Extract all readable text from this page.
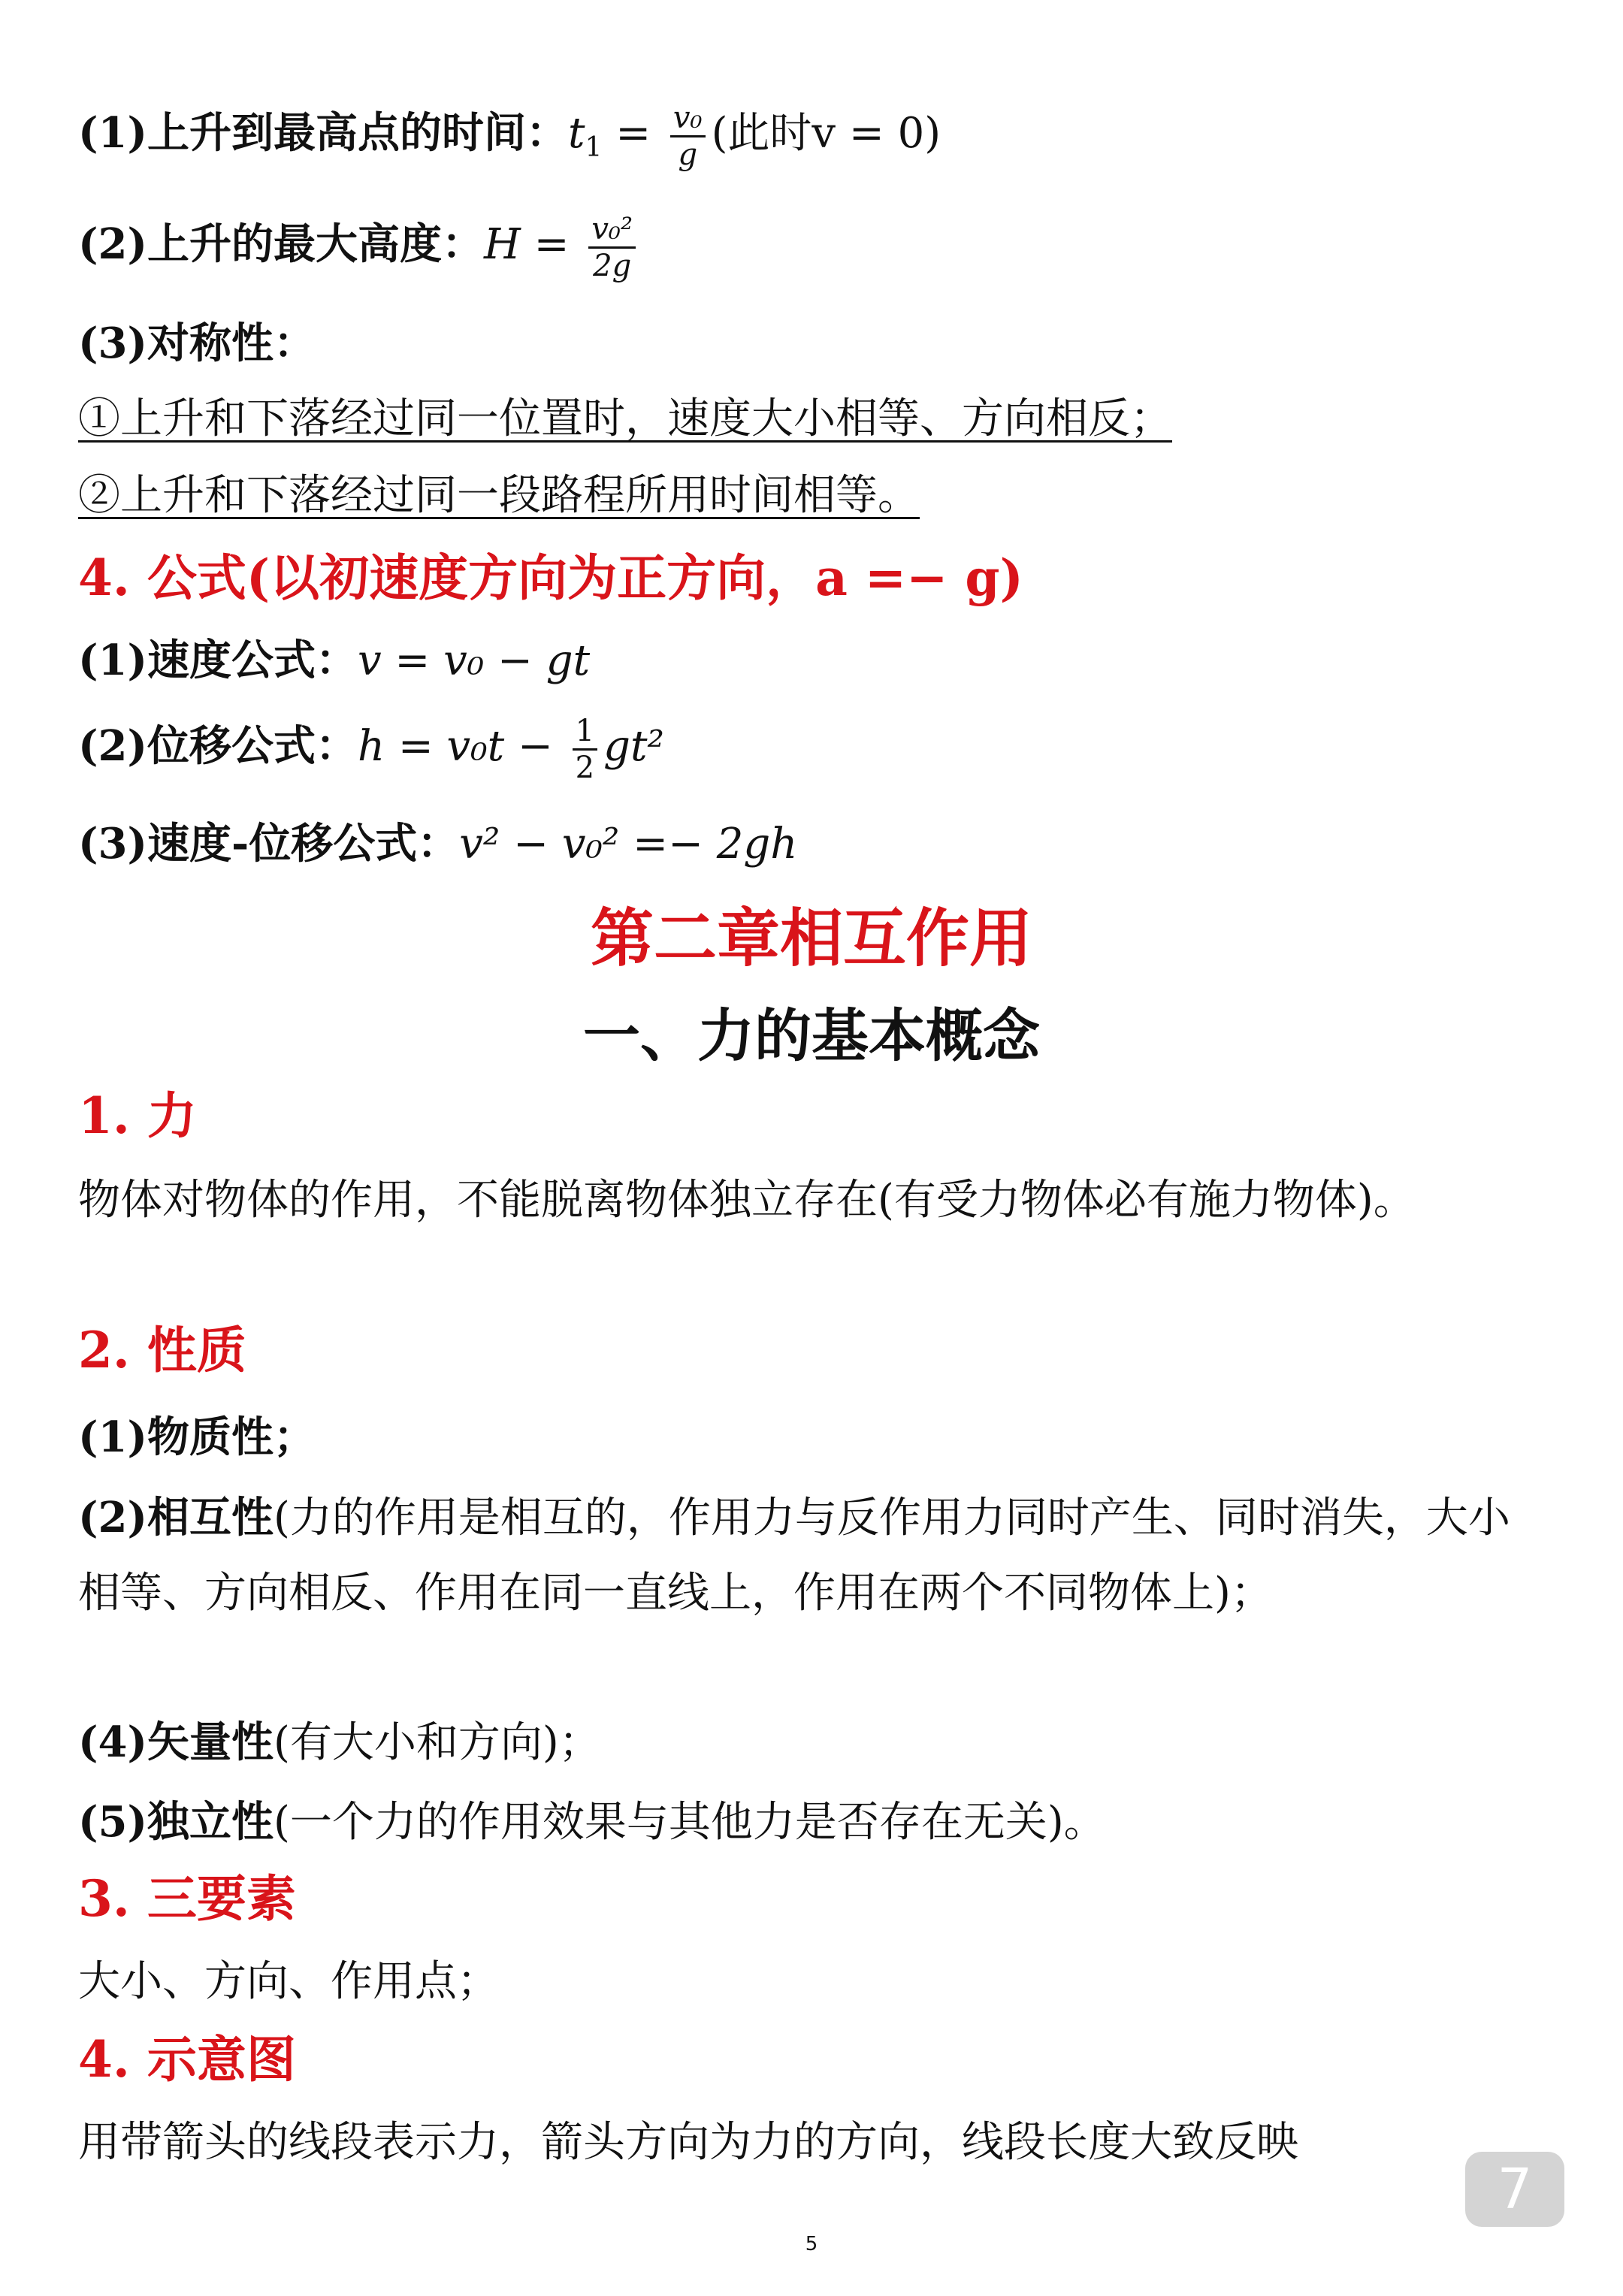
(1)上升到最高点的时间：$t_1 = \frac{\text{v₀}}{g}$ (此时v = 0)
(2)上升的最大高度：$H = \frac{\text{v₀²}}{2g}$
(3)对称性：
①上升和下落经过同一位置时，速度大小相等、方向相反；
②上升和下落经过同一段路程所用时间相等。
4. 公式(以初速度方向为正方向，a =− g)
(1)速度公式：v = v₀ − gt
(2)位移公式：$h = v_0t - \frac{1}{2} gt^2$
(3)速度-位移公式：v² − v₀² =− 2gh
第二章相互作用
一、力的基本概念
1. 力
物体对物体的作用，不能脱离物体独立存在(有受力物体必有施力物体)。
2. 性质
(1)物质性；
(2)相互性(力的作用是相互的，作用力与反作用力同时产生、同时消失，大小相等、方向相反、作用在同一直线上，作用在两个不同物体上)；
(4)矢量性(有大小和方向)；
(5)独立性(一个力的作用效果与其他力是否存在无关)。
3. 三要素
大小、方向、作用点；
4. 示意图
用带箭头的线段表示力，箭头方向为力的方向，线段长度大致反映
7
5
